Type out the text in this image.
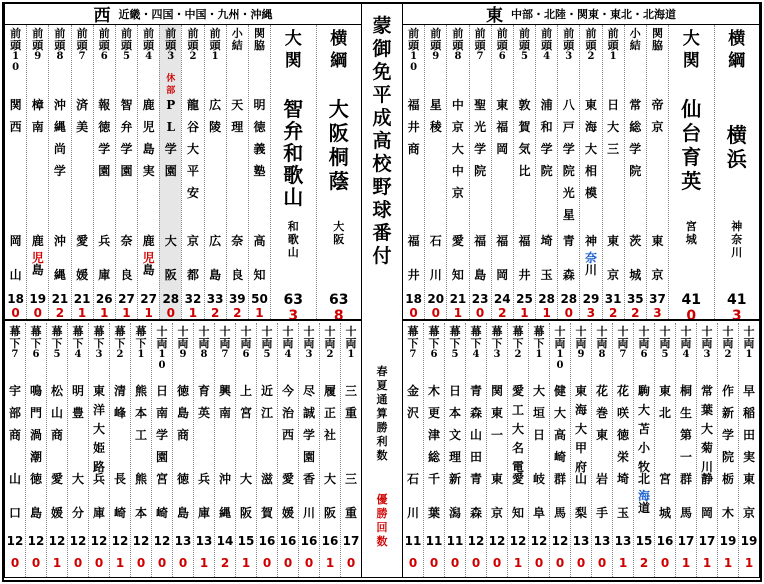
西 近畿・四国・中国・九州・沖縄
前
頭
1
0
関
西
岡
山
18
0
前
頭
9
樟
南
鹿
児
島
19
0
前
頭
8
沖
縄
尚
学
沖
縄
21
2
前
頭
7
済
美
愛
媛
21
1
前
頭
6
報
徳
学
園
兵
庫
26
1
前
頭
5
智
弁
学
園
奈
良
27
1
前
頭
4
鹿
児
島
実
鹿
児
島
27
1
前
頭
3
休
部
P
L
学
園
大
阪
28
0
前
頭
2
龍
谷
大
平
安
京
都
32
1
前
頭
1
広
陵
広
島
33
2
小
結
天
理
奈
良
39
2
関
脇
明
徳
義
塾
高
知
50
1
大
関
智
弁
和
歌
山
和
歌
山
63
3
横
綱
大
阪
桐
蔭
大
阪
63
8
幕
下
7
宇
部
商
山
口
12
0
幕
下
6
鳴
門
渦
潮
徳
島
12
0
幕
下
5
松
山
商
愛
媛
12
1
幕
下
4
明
豊
大
分
12
0
幕
下
3
東
洋
大
姫
路
兵
庫
12
0
幕
下
2
清
峰
長
崎
12
1
幕
下
1
熊
本
工
熊
本
12
0
十
両
1
0
日
南
学
園
宮
崎
12
0
十
両
9
徳
島
商
徳
島
13
0
十
両
8
育
英
兵
庫
13
1
十
両
7
興
南
沖
縄
14
2
十
両
6
上
宮
大
阪
15
1
十
両
5
近
江
滋
賀
16
0
十
両
4
今
治
西
愛
媛
16
0
十
両
3
尽
誠
学
園
香
川
16
0
十
両
2
履
正
社
大
阪
16
1
十
両
1
三
重
三
重
17
0
蒙
御
免
平
成
高
校
野
球
番
付
春
夏
通
算
勝
利
数
優
勝
回
数
東 中部・北陸・関東・東北・北海道
前
頭
1
0
福
井
商
福
井
18
0
前
頭
9
星
稜
石
川
20
0
前
頭
8
中
京
大
中
京
愛
知
21
1
前
頭
7
聖
光
学
院
福
島
23
0
前
頭
6
東
福
岡
福
岡
24
2
前
頭
5
敦
賀
気
比
福
井
25
1
前
頭
4
浦
和
学
院
埼
玉
28
1
前
頭
3
八
戸
学
院
光
星
青
森
28
0
前
頭
2
東
海
大
相
模
神
奈
川
29
3
前
頭
1
日
大
三
東
京
31
2
小
結
常
総
学
院
茨
城
35
2
関
脇
帝
京
東
京
37
3
大
関
仙
台
育
英
宮
城
41
0
横
綱
横
浜
神
奈
川
41
3
幕
下
7
金
沢
石
川
11
0
幕
下
6
木
更
津
総
千
葉
11
0
幕
下
5
日
本
文
理
新
潟
11
0
幕
下
4
青
森
山
田
青
森
12
0
幕
下
3
関
東
一
東
京
12
0
幕
下
2
愛
工
大
名
電
愛
知
12
1
幕
下
1
大
垣
日
岐
阜
12
0
十
両
1
0
健
大
高
崎
群
馬
12
0
十
両
9
東
海
大
甲
府
山
梨
13
0
十
両
8
花
巻
東
岩
手
13
0
十
両
7
花
咲
徳
栄
埼
玉
13
1
十
両
6
駒
大
苫
小
牧
北
海
道
15
2
十
両
5
東
北
宮
城
16
0
十
両
4
桐
生
第
一
群
馬
17
1
十
両
3
常
葉
大
菊
川
静
岡
17
1
十
両
2
作
新
学
院
栃
木
19
1
十
両
1
早
稲
田
実
東
京
19
1
